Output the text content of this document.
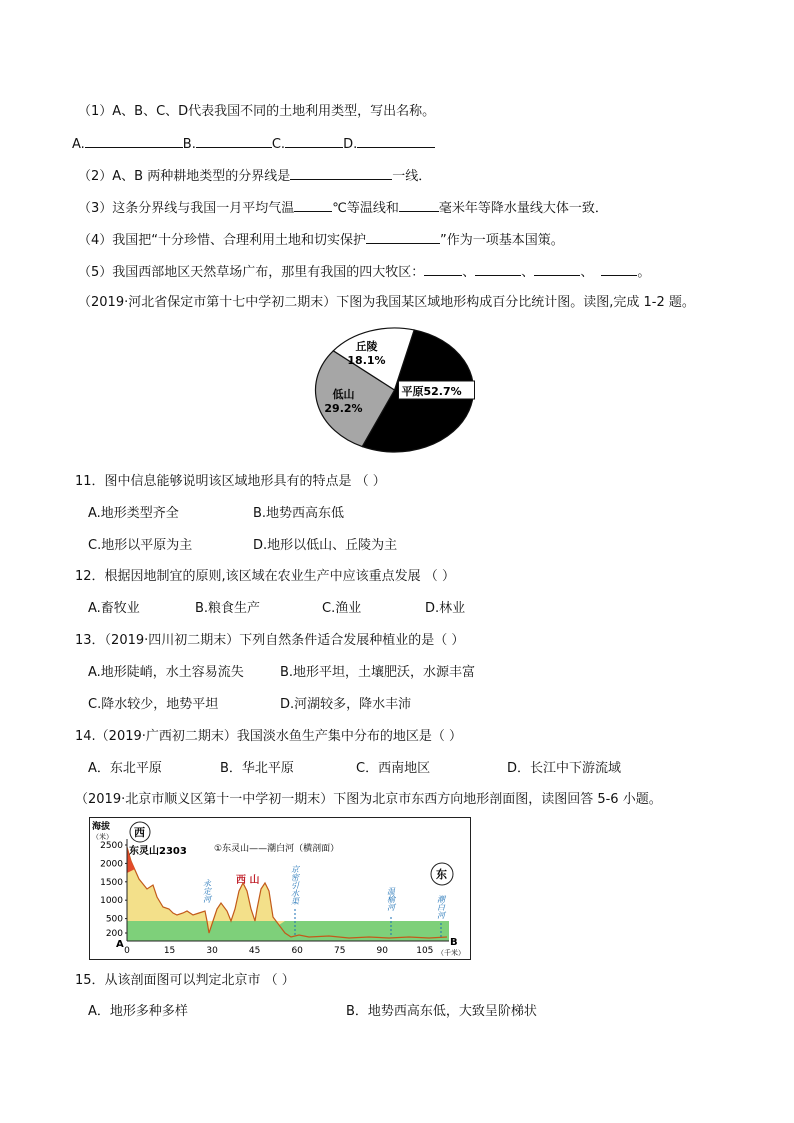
（1）A、B、C、D代表我国不同的土地利用类型，写出名称。
A.	B.	C.	D.
（2）A、B 两种耕地类型的分界线是	一线．
（3）这条分界线与我国一月平均气温	℃等温线和	毫米年等降水量线大体一致．
（4）我国把“十分珍惜、合理利用土地和切实保护	”作为一项基本国策。
（5）我国西部地区天然草场广布，那里有我国的四大牧区：	、	、	、	。
（2019·河北省保定市第十七中学初二期末）下图为我国某区域地形构成百分比统计图。读图,完成 1-2 题。
平原52.7%
丘陵
18.1%
低山
29.2%
11．图中信息能够说明该区域地形具有的特点是 （ ）
A.地形类型齐全	B.地势西高东低
C.地形以平原为主	D.地形以低山、丘陵为主
12．根据因地制宜的原则,该区域在农业生产中应该重点发展 （ ）
A.畜牧业	B.粮食生产	C.渔业	D.林业
13．（2019·四川初二期末）下列自然条件适合发展种植业的是（ ）
A.地形陡峭，水土容易流失	B.地形平坦，土壤肥沃，水源丰富
C.降水较少，地势平坦	D.河湖较多，降水丰沛
14.（2019·广西初二期末）我国淡水鱼生产集中分布的地区是（ ）
A．东北平原	B．华北平原	C．西南地区	D．长江中下游流域
（2019·北京市顺义区第十一中学初一期末）下图为北京市东西方向地形剖面图，读图回答 5-6 小题。
海拔
（米）
2500
2000
1500
1000
500
200
0	15	30	45	60	75	90	105 （千米）
A	B
西
东
东灵山2303	①东灵山——潮白河（横剖面）
永定河 西 山	京密引水渠	温榆河	潮白河
15．从该剖面图可以判定北京市 （ ）
A．地形多种多样	B．地势西高东低，大致呈阶梯状
